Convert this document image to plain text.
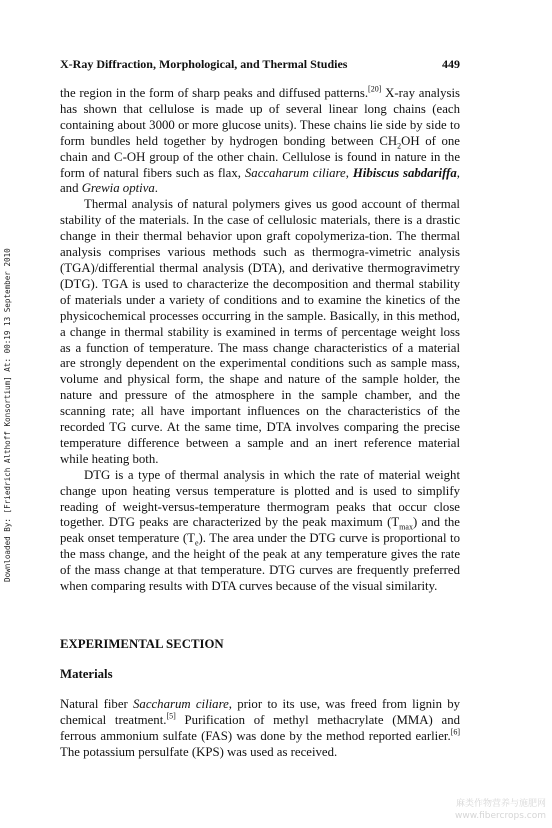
X-Ray Diffraction, Morphological, and Thermal Studies	449
Downloaded By: [Friedrich Althoff Konsortium] At: 00:19 13 September 2010

the region in the form of sharp peaks and diffused patterns.[20] X-ray analysis has shown that cellulose is made up of several linear long chains (each containing about 3000 or more glucose units). These chains lie side by side to form bundles held together by hydrogen bonding between $CH_2OH$ of one chain and C-OH group of the other chain. Cellulose is found in nature in the form of natural fibers such as flax, Saccaharum ciliare, Hibiscus sabdariffa, and Grewia optiva.

Thermal analysis of natural polymers gives us good account of thermal stability of the materials. In the case of cellulosic materials, there is a drastic change in their thermal behavior upon graft copolymeriza-tion. The thermal analysis comprises various methods such as thermogra-vimetric analysis (TGA)/differential thermal analysis (DTA), and derivative thermogravimetry (DTG). TGA is used to characterize the decomposition and thermal stability of materials under a variety of conditions and to examine the kinetics of the physicochemical processes occurring in the sample. Basically, in this method, a change in thermal stability is examined in terms of percentage weight loss as a function of temperature. The mass change characteristics of a material are strongly dependent on the experimental conditions such as sample mass, volume and physical form, the shape and nature of the sample holder, the nature and pressure of the atmosphere in the sample chamber, and the scanning rate; all have important influences on the characteristics of the recorded TG curve. At the same time, DTA involves comparing the precise temperature difference between a sample and an inert reference material while heating both.

DTG is a type of thermal analysis in which the rate of material weight change upon heating versus temperature is plotted and is used to simplify reading of weight-versus-temperature thermogram peaks that occur close together. DTG peaks are characterized by the peak maximum $(T_{max})$ and the peak onset temperature $(T_e)$. The area under the DTG curve is proportional to the mass change, and the height of the peak at any temperature gives the rate of the mass change at that temperature. DTG curves are frequently preferred when comparing results with DTA curves because of the visual similarity.

EXPERIMENTAL SECTION
Materials

Natural fiber Saccharum ciliare, prior to its use, was freed from lignin by chemical treatment.[5] Purification of methyl methacrylate (MMA) and ferrous ammonium sulfate (FAS) was done by the method reported earlier.[6] The potassium persulfate (KPS) was used as received.

麻类作物营养与施肥网
www.fibercrops.com
